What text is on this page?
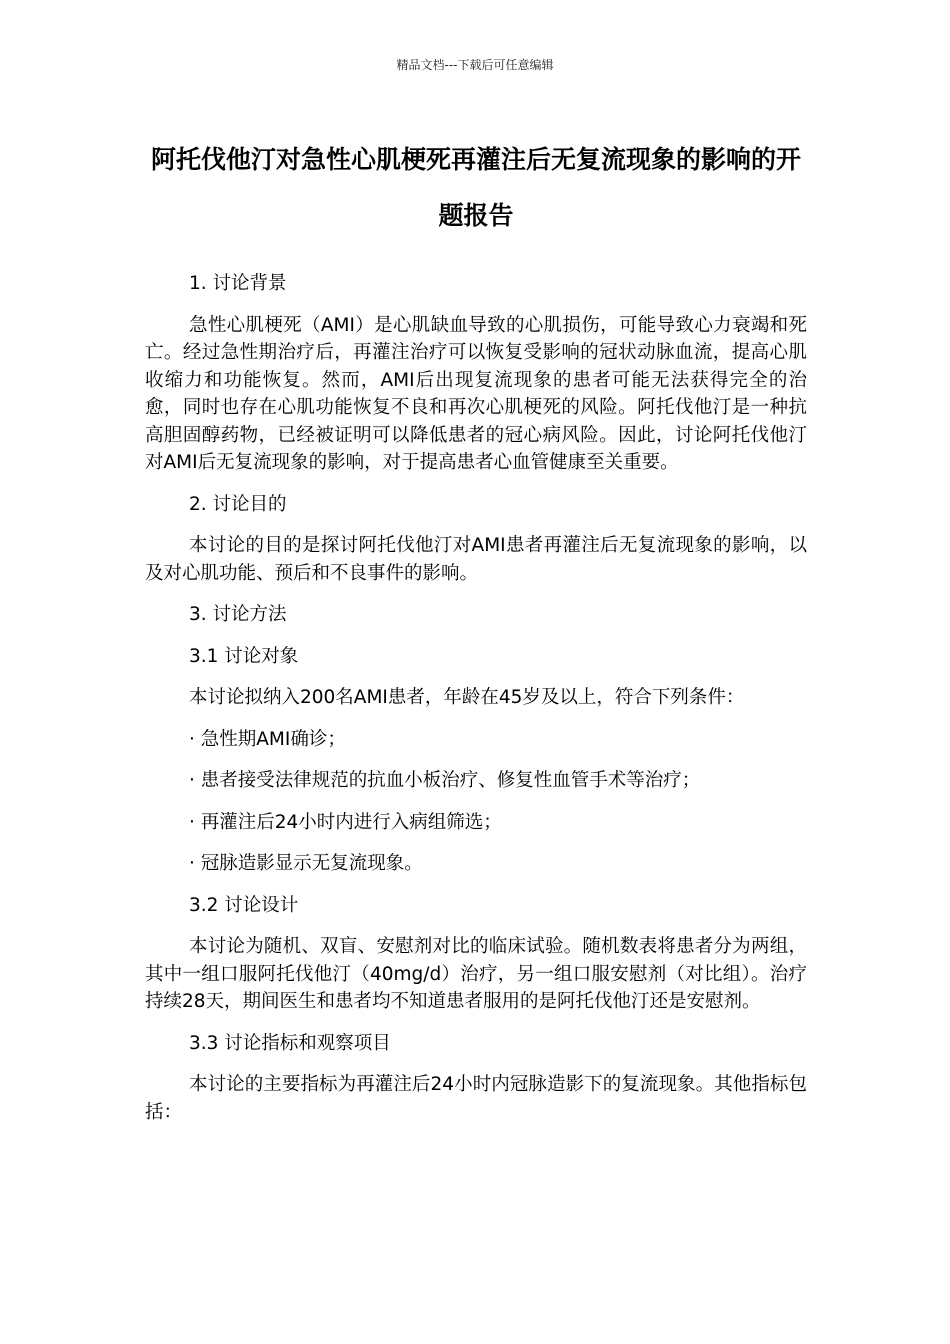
精品文档---下载后可任意编辑
阿托伐他汀对急性心肌梗死再灌注后无复流现象的影响的开题报告

1. 讨论背景

急性心肌梗死（AMI）是心肌缺血导致的心肌损伤，可能导致心力衰竭和死亡。经过急性期治疗后，再灌注治疗可以恢复受影响的冠状动脉血流，提高心肌收缩力和功能恢复。然而，AMI后出现复流现象的患者可能无法获得完全的治愈，同时也存在心肌功能恢复不良和再次心肌梗死的风险。阿托伐他汀是一种抗高胆固醇药物，已经被证明可以降低患者的冠心病风险。因此，讨论阿托伐他汀对AMI后无复流现象的影响，对于提高患者心血管健康至关重要。

2. 讨论目的

本讨论的目的是探讨阿托伐他汀对AMI患者再灌注后无复流现象的影响，以及对心肌功能、预后和不良事件的影响。

3. 讨论方法

3.1 讨论对象

本讨论拟纳入200名AMI患者，年龄在45岁及以上，符合下列条件：

· 急性期AMI确诊；

· 患者接受法律规范的抗血小板治疗、修复性血管手术等治疗；

· 再灌注后24小时内进行入病组筛选；

· 冠脉造影显示无复流现象。

3.2 讨论设计

本讨论为随机、双盲、安慰剂对比的临床试验。随机数表将患者分为两组，其中一组口服阿托伐他汀（40mg/d）治疗，另一组口服安慰剂（对比组）。治疗持续28天，期间医生和患者均不知道患者服用的是阿托伐他汀还是安慰剂。

3.3 讨论指标和观察项目

本讨论的主要指标为再灌注后24小时内冠脉造影下的复流现象。其他指标包括：
